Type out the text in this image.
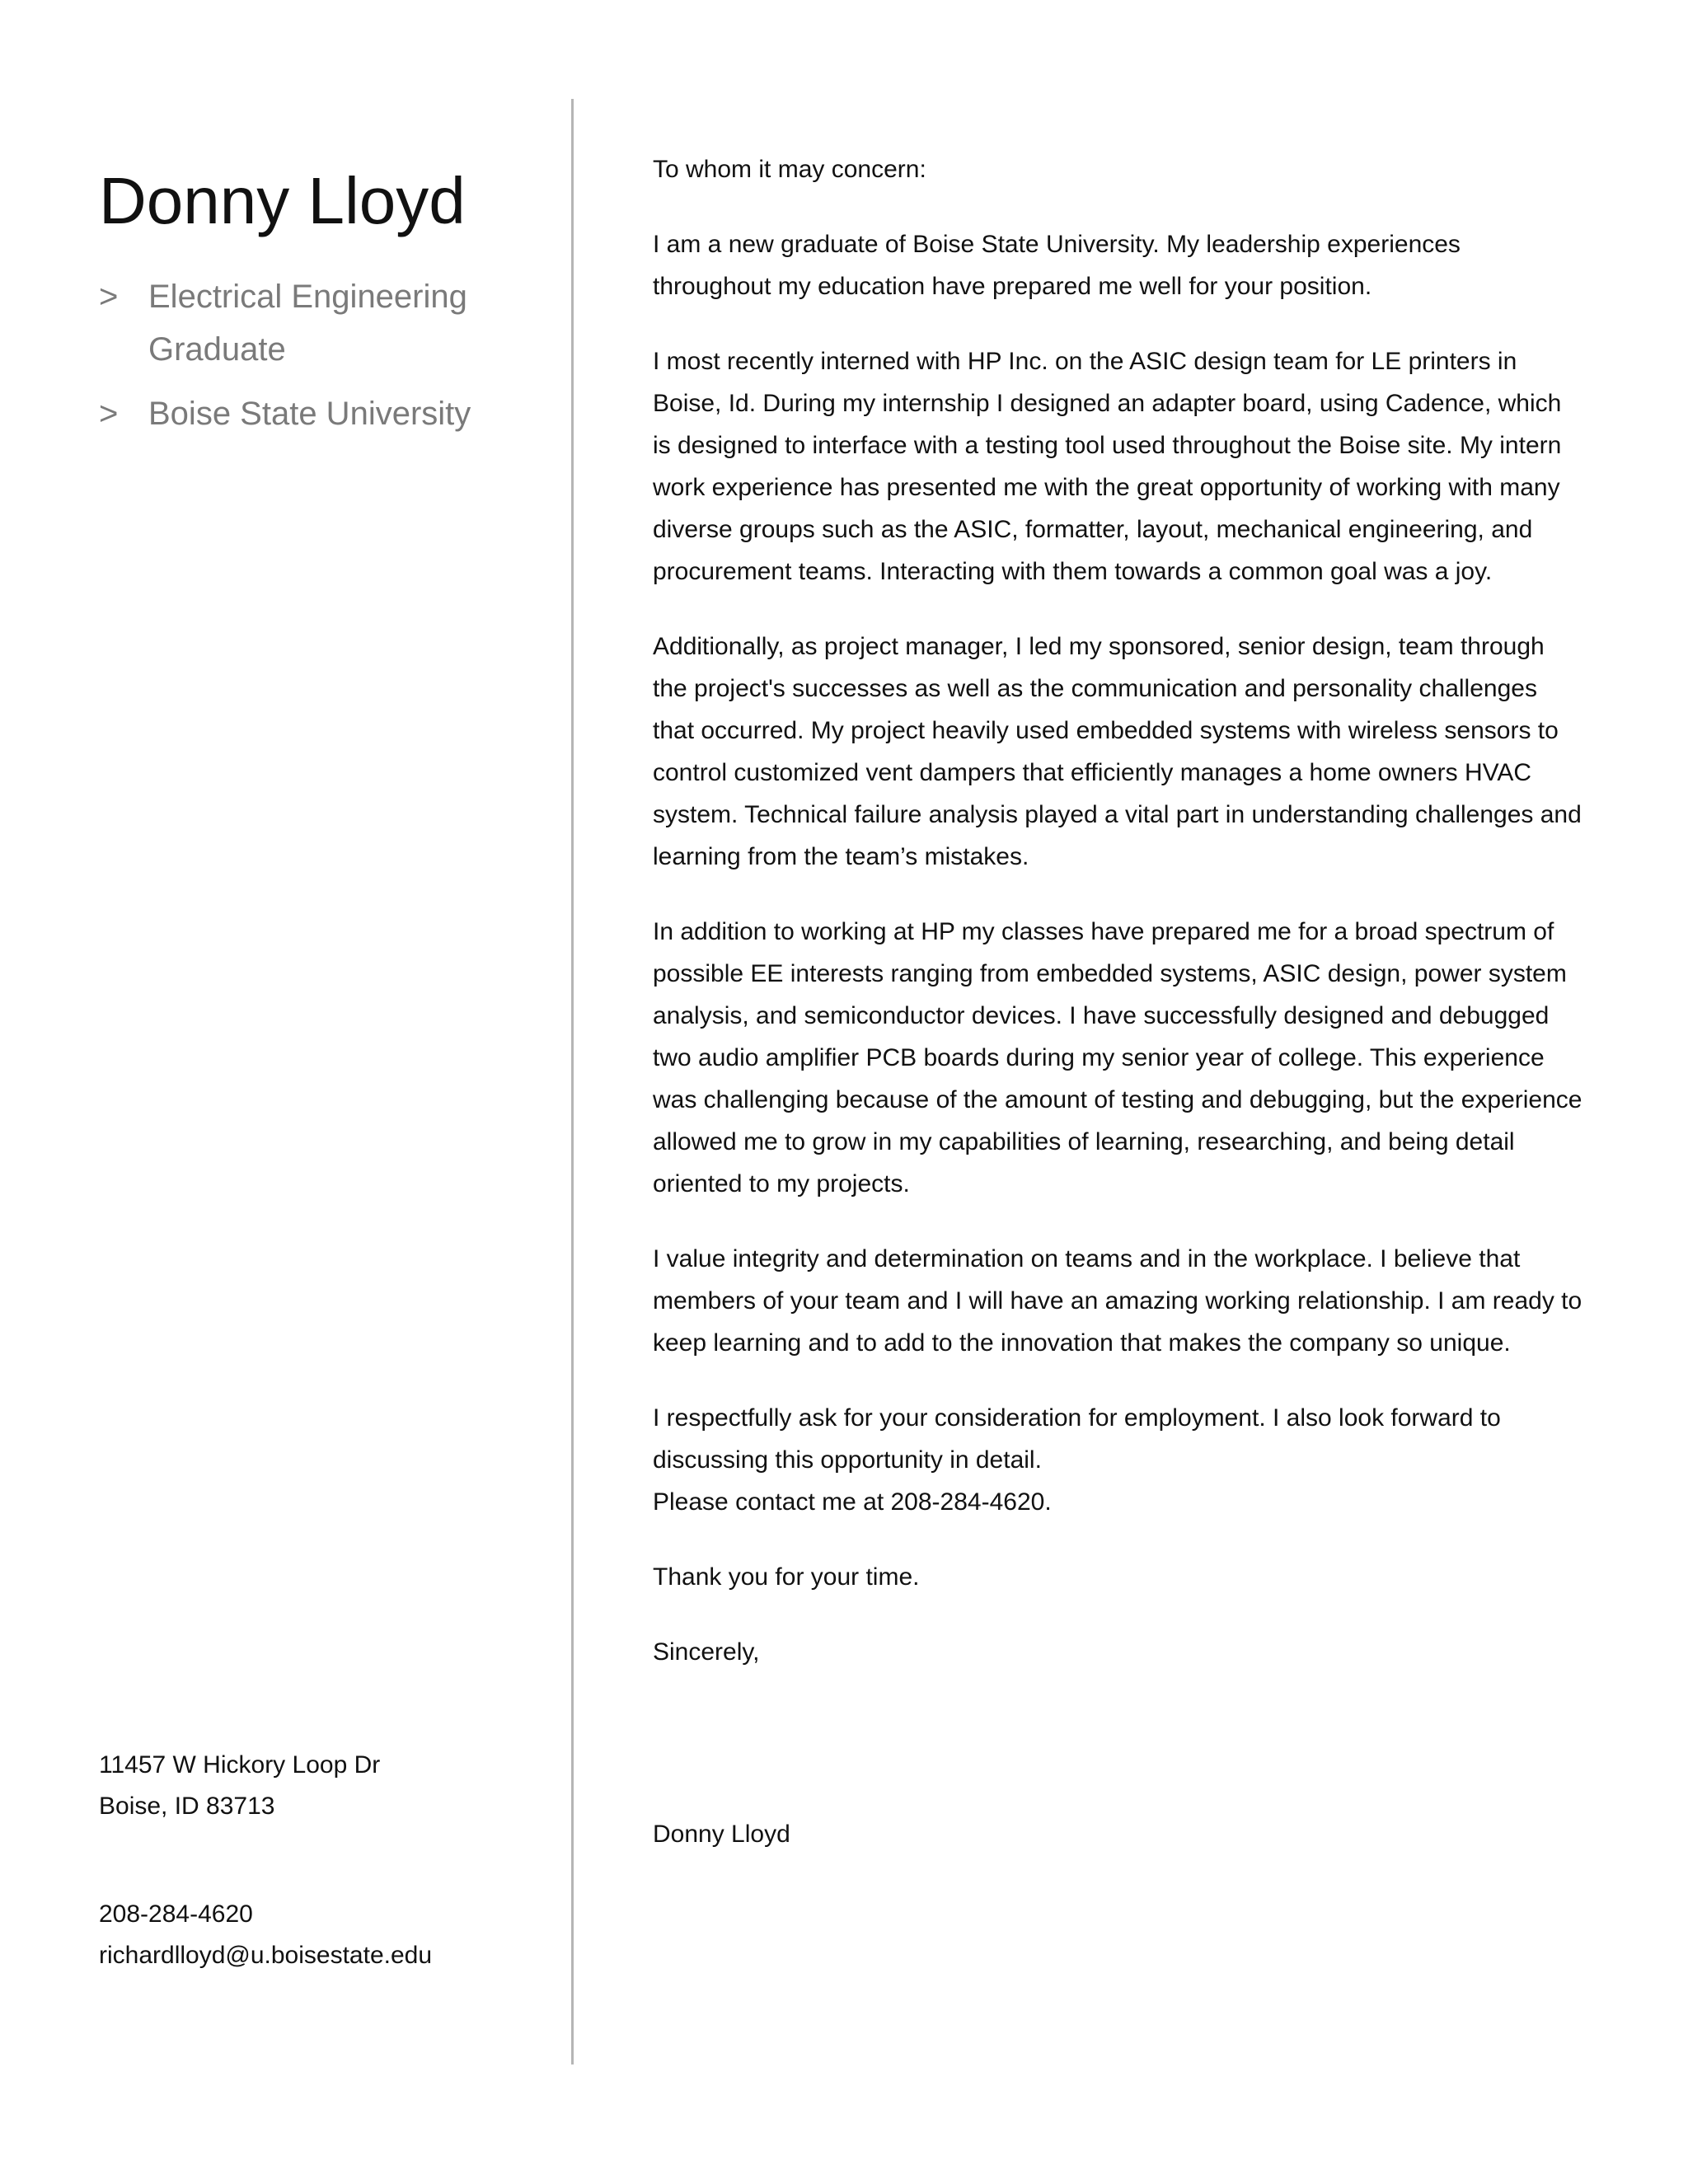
Donny Lloyd
> Electrical Engineering Graduate
> Boise State University
11457 W Hickory Loop Dr
Boise, ID 83713
208-284-4620
richardlloyd@u.boisestate.edu

To whom it may concern:

I am a new graduate of Boise State University. My leadership experiences throughout my education have prepared me well for your position.

I most recently interned with HP Inc. on the ASIC design team for LE printers in Boise, Id. During my internship I designed an adapter board, using Cadence, which is designed to interface with a testing tool used throughout the Boise site. My intern work experience has presented me with the great opportunity of working with many diverse groups such as the ASIC, formatter, layout, mechanical engineering, and procurement teams. Interacting with them towards a common goal was a joy.

Additionally, as project manager, I led my sponsored, senior design, team through the project's successes as well as the communication and personality challenges that occurred. My project heavily used embedded systems with wireless sensors to control customized vent dampers that efficiently manages a home owners HVAC system. Technical failure analysis played a vital part in understanding challenges and learning from the team’s mistakes.

In addition to working at HP my classes have prepared me for a broad spectrum of possible EE interests ranging from embedded systems, ASIC design, power system analysis, and semiconductor devices. I have successfully designed and debugged two audio amplifier PCB boards during my senior year of college. This experience was challenging because of the amount of testing and debugging, but the experience allowed me to grow in my capabilities of learning, researching, and being detail oriented to my projects.

I value integrity and determination on teams and in the workplace. I believe that members of your team and I will have an amazing working relationship. I am ready to keep learning and to add to the innovation that makes the company so unique.

I respectfully ask for your consideration for employment. I also look forward to discussing this opportunity in detail.
Please contact me at 208-284-4620.

Thank you for your time.

Sincerely,

Donny Lloyd
